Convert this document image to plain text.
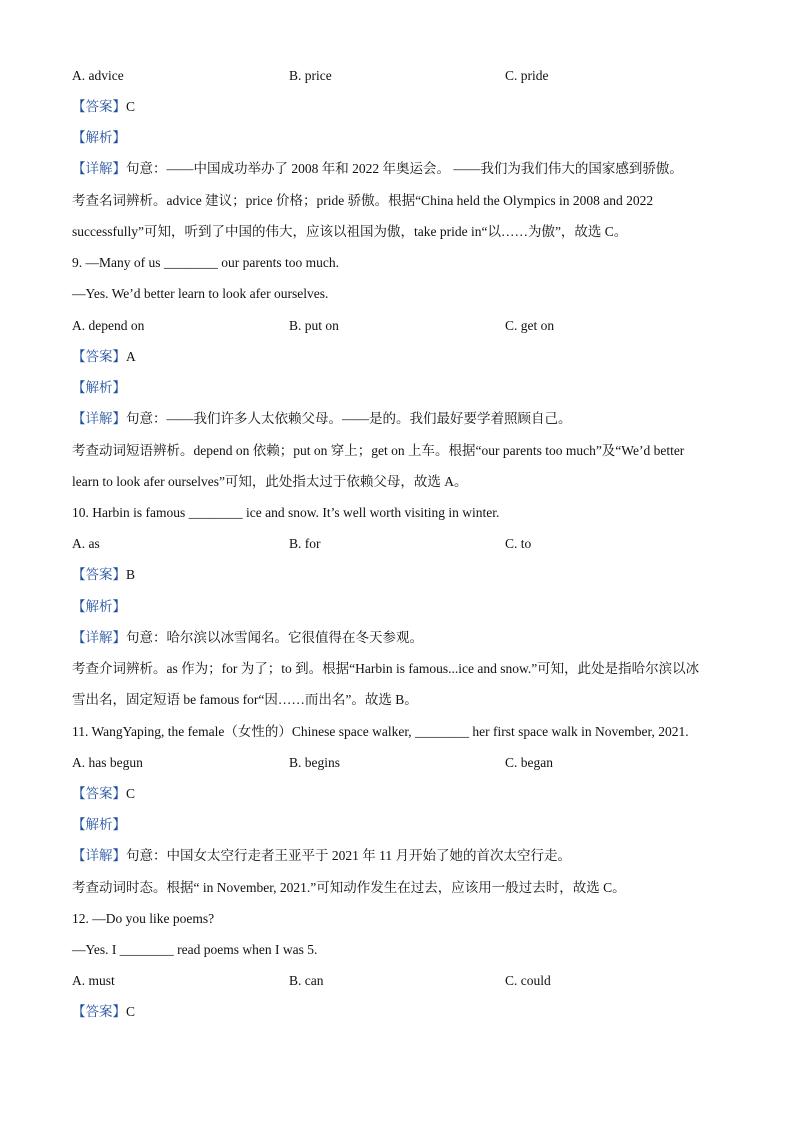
A. advice	B. price	C. pride
【答案】C
【解析】
【详解】句意：——中国成功举办了 2008 年和 2022 年奥运会。 ——我们为我们伟大的国家感到骄傲。
考查名词辨析。advice 建议；price 价格；pride 骄傲。根据“China held the Olympics in 2008 and 2022
successfully”可知，听到了中国的伟大，应该以祖国为傲，take pride in“以……为傲”，故选 C。
9. —Many of us ________ our parents too much.
—Yes. We’d better learn to look afer ourselves.
A. depend on	B. put on	C. get on
【答案】A
【解析】
【详解】句意：——我们许多人太依赖父母。——是的。我们最好要学着照顾自己。
考查动词短语辨析。depend on 依赖；put on 穿上；get on 上车。根据“our parents too much”及“We’d better
learn to look afer ourselves”可知，此处指太过于依赖父母，故选 A。
10. Harbin is famous ________ ice and snow. It’s well worth visiting in winter.
A. as	B. for	C. to
【答案】B
【解析】
【详解】句意：哈尔滨以冰雪闻名。它很值得在冬天参观。
考查介词辨析。as 作为；for 为了；to 到。根据“Harbin is famous...ice and snow.”可知，此处是指哈尔滨以冰
雪出名，固定短语 be famous for“因……而出名”。故选 B。
11. WangYaping, the female（女性的）Chinese space walker, ________ her first space walk in November, 2021.
A. has begun	B. begins	C. began
【答案】C
【解析】
【详解】句意：中国女太空行走者王亚平于 2021 年 11 月开始了她的首次太空行走。
考查动词时态。根据“ in November, 2021.”可知动作发生在过去，应该用一般过去时，故选 C。
12. —Do you like poems?
—Yes. I ________ read poems when I was 5.
A. must	B. can	C. could
【答案】C
